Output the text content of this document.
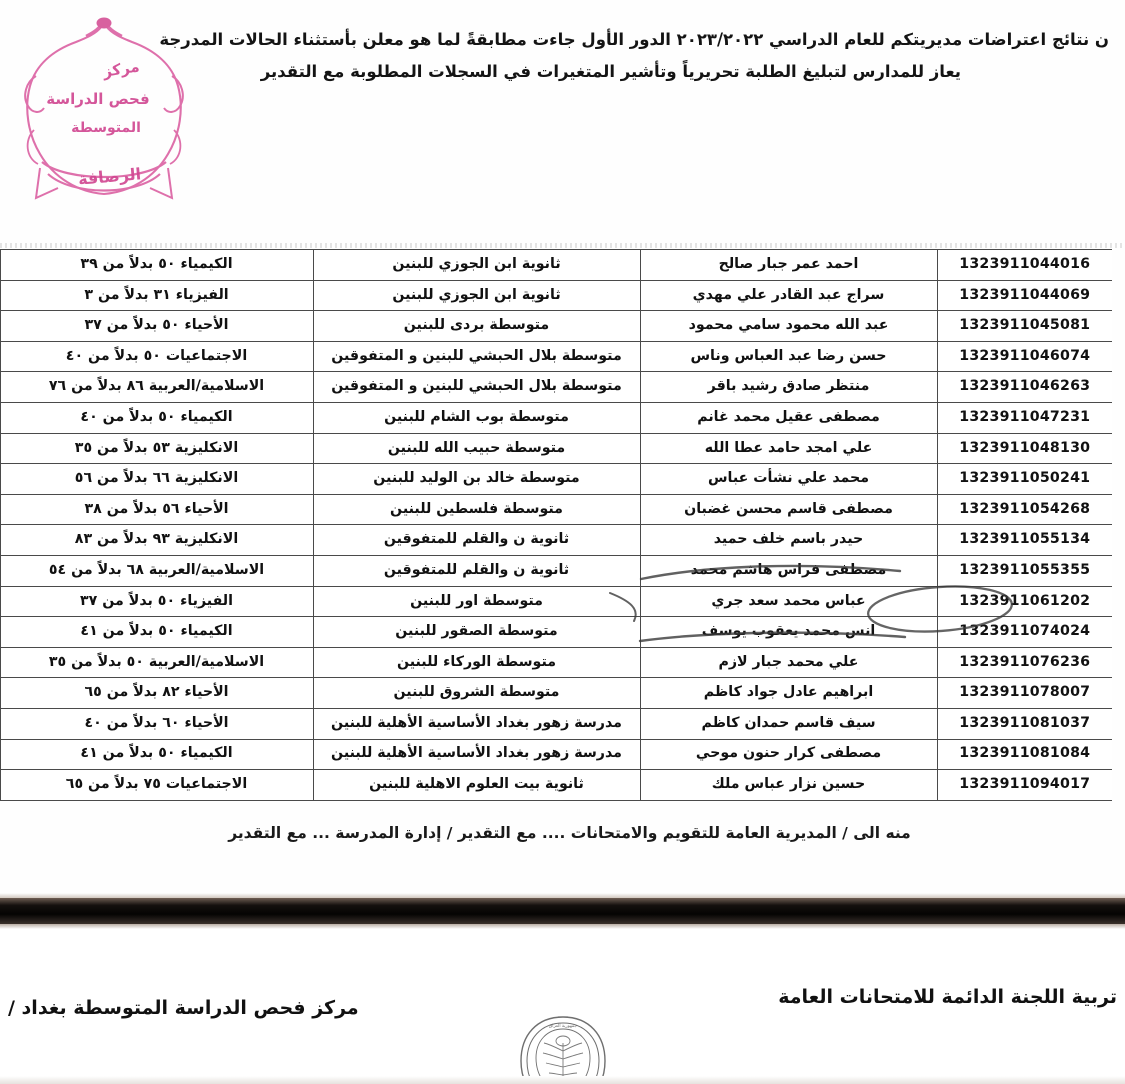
ن نتائج اعتراضات مديريتكم للعام الدراسي ٢٠٢٣/٢٠٢٢ الدور الأول جاءت مطابقةً لما هو معلن بأستثناء الحالات المدرجة
يعاز للمدارس لتبليغ الطلبة تحريرياً وتأشير المتغيرات في السجلات المطلوبة مع التقدير
مركز
فحص الدراسة
المتوسطة
الرصافة
1323911044016	احمد عمر جبار صالح	ثانوية ابن الجوزي للبنين	الكيمياء ٥٠ بدلاً من ٣٩
1323911044069	سراج عبد القادر علي مهدي	ثانوية ابن الجوزي للبنين	الفيزياء ٣١ بدلاً من ٣
1323911045081	عبد الله محمود سامي محمود	متوسطة بردى للبنين	الأحياء ٥٠ بدلاً من ٣٧
1323911046074	حسن رضا عبد العباس وناس	متوسطة بلال الحبشي للبنين و المتفوقين	الاجتماعيات ٥٠ بدلاً من ٤٠
1323911046263	منتظر صادق رشيد باقر	متوسطة بلال الحبشي للبنين و المتفوقين	الاسلامية/العربية ٨٦ بدلاً من ٧٦
1323911047231	مصطفى عقيل محمد غانم	متوسطة بوب الشام للبنين	الكيمياء ٥٠ بدلاً من ٤٠
1323911048130	علي امجد حامد عطا الله	متوسطة حبيب الله للبنين	الانكليزية ٥٣ بدلاً من ٣٥
1323911050241	محمد علي نشأت عباس	متوسطة خالد بن الوليد للبنين	الانكليزية ٦٦ بدلاً من ٥٦
1323911054268	مصطفى قاسم محسن غضبان	متوسطة فلسطين للبنين	الأحياء ٥٦ بدلاً من ٣٨
1323911055134	حيدر باسم خلف حميد	ثانوية ن والقلم للمتفوقين	الانكليزية ٩٣ بدلاً من ٨٣
1323911055355	مصطفى فراس هاشم محمد	ثانوية ن والقلم للمتفوقين	الاسلامية/العربية ٦٨ بدلاً من ٥٤
1323911061202	عباس محمد سعد جري	متوسطة اور للبنين	الفيزياء ٥٠ بدلاً من ٣٧
1323911074024	انس محمد يعقوب يوسف	متوسطة الصقور للبنين	الكيمياء ٥٠ بدلاً من ٤١
1323911076236	علي محمد جبار لازم	متوسطة الوركاء للبنين	الاسلامية/العربية ٥٠ بدلاً من ٣٥
1323911078007	ابراهيم عادل جواد كاظم	متوسطة الشروق للبنين	الأحياء ٨٢ بدلاً من ٦٥
1323911081037	سيف قاسم حمدان كاظم	مدرسة زهور بغداد الأساسية الأهلية للبنين	الأحياء ٦٠ بدلاً من ٤٠
1323911081084	مصطفى كرار حنون موحي	مدرسة زهور بغداد الأساسية الأهلية للبنين	الكيمياء ٥٠ بدلاً من ٤١
1323911094017	حسين نزار عباس ملك	ثانوية بيت العلوم الاهلية للبنين	الاجتماعيات ٧٥ بدلاً من ٦٥
منه الى / المديرية العامة للتقويم والامتحانات .... مع التقدير / إدارة المدرسة ... مع التقدير
تربية اللجنة الدائمة للامتحانات العامة
مركز فحص الدراسة المتوسطة بغداد /
جمهورية العراق
